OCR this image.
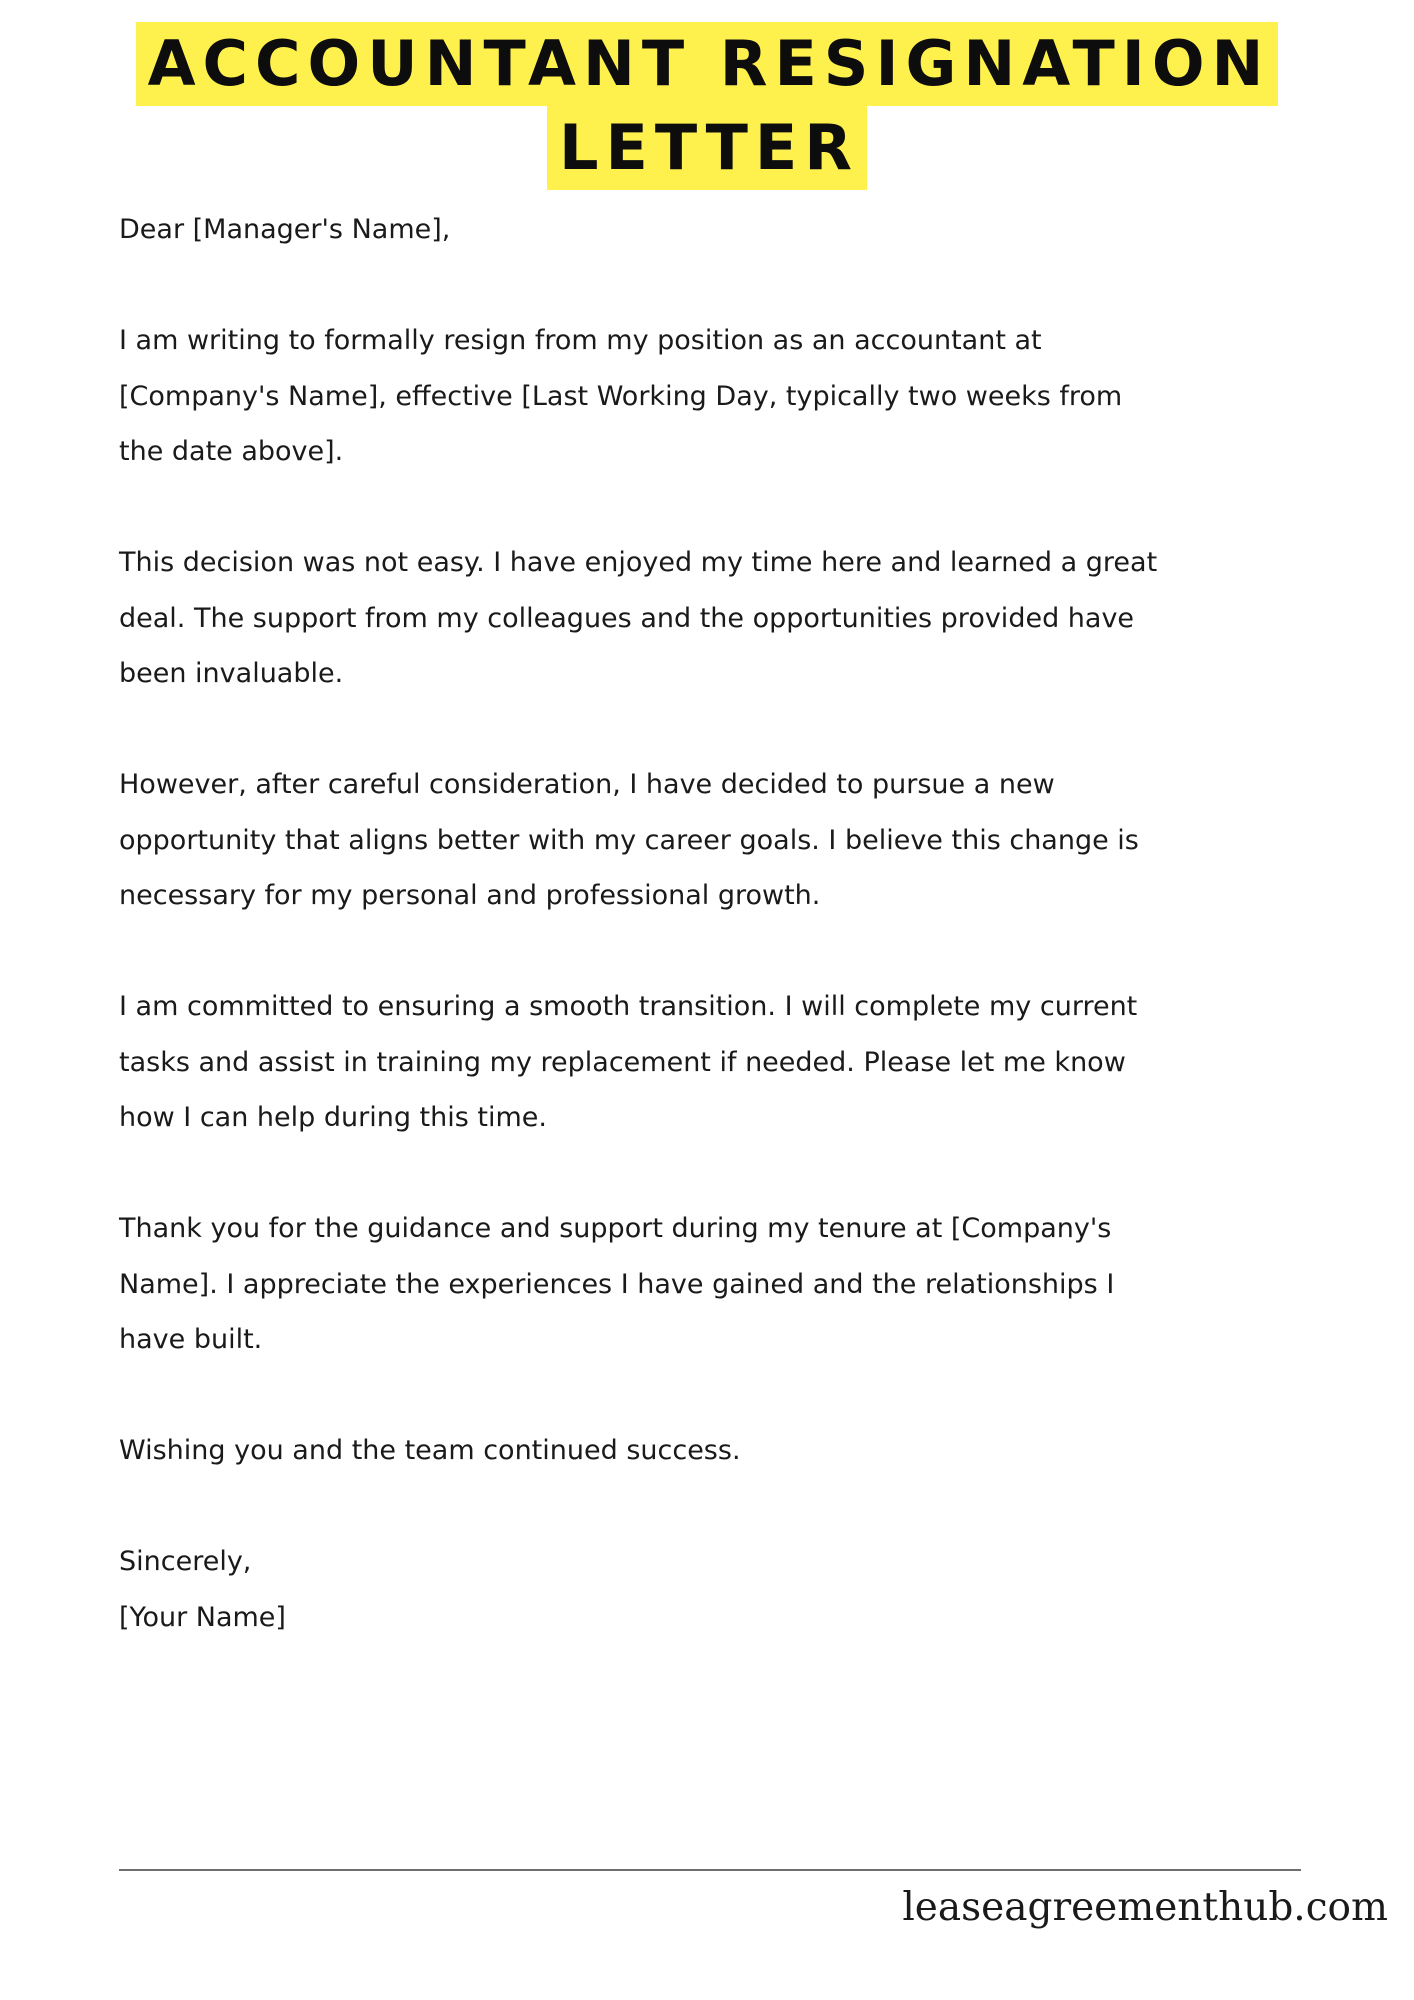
ACCOUNTANT RESIGNATION
LETTER

Dear [Manager's Name],

I am writing to formally resign from my position as an accountant at
[Company's Name], effective [Last Working Day, typically two weeks from
the date above].

This decision was not easy. I have enjoyed my time here and learned a great
deal. The support from my colleagues and the opportunities provided have
been invaluable.

However, after careful consideration, I have decided to pursue a new
opportunity that aligns better with my career goals. I believe this change is
necessary for my personal and professional growth.

I am committed to ensuring a smooth transition. I will complete my current
tasks and assist in training my replacement if needed. Please let me know
how I can help during this time.

Thank you for the guidance and support during my tenure at [Company's
Name]. I appreciate the experiences I have gained and the relationships I
have built.

Wishing you and the team continued success.

Sincerely,

[Your Name]

leaseagreementhub.com
